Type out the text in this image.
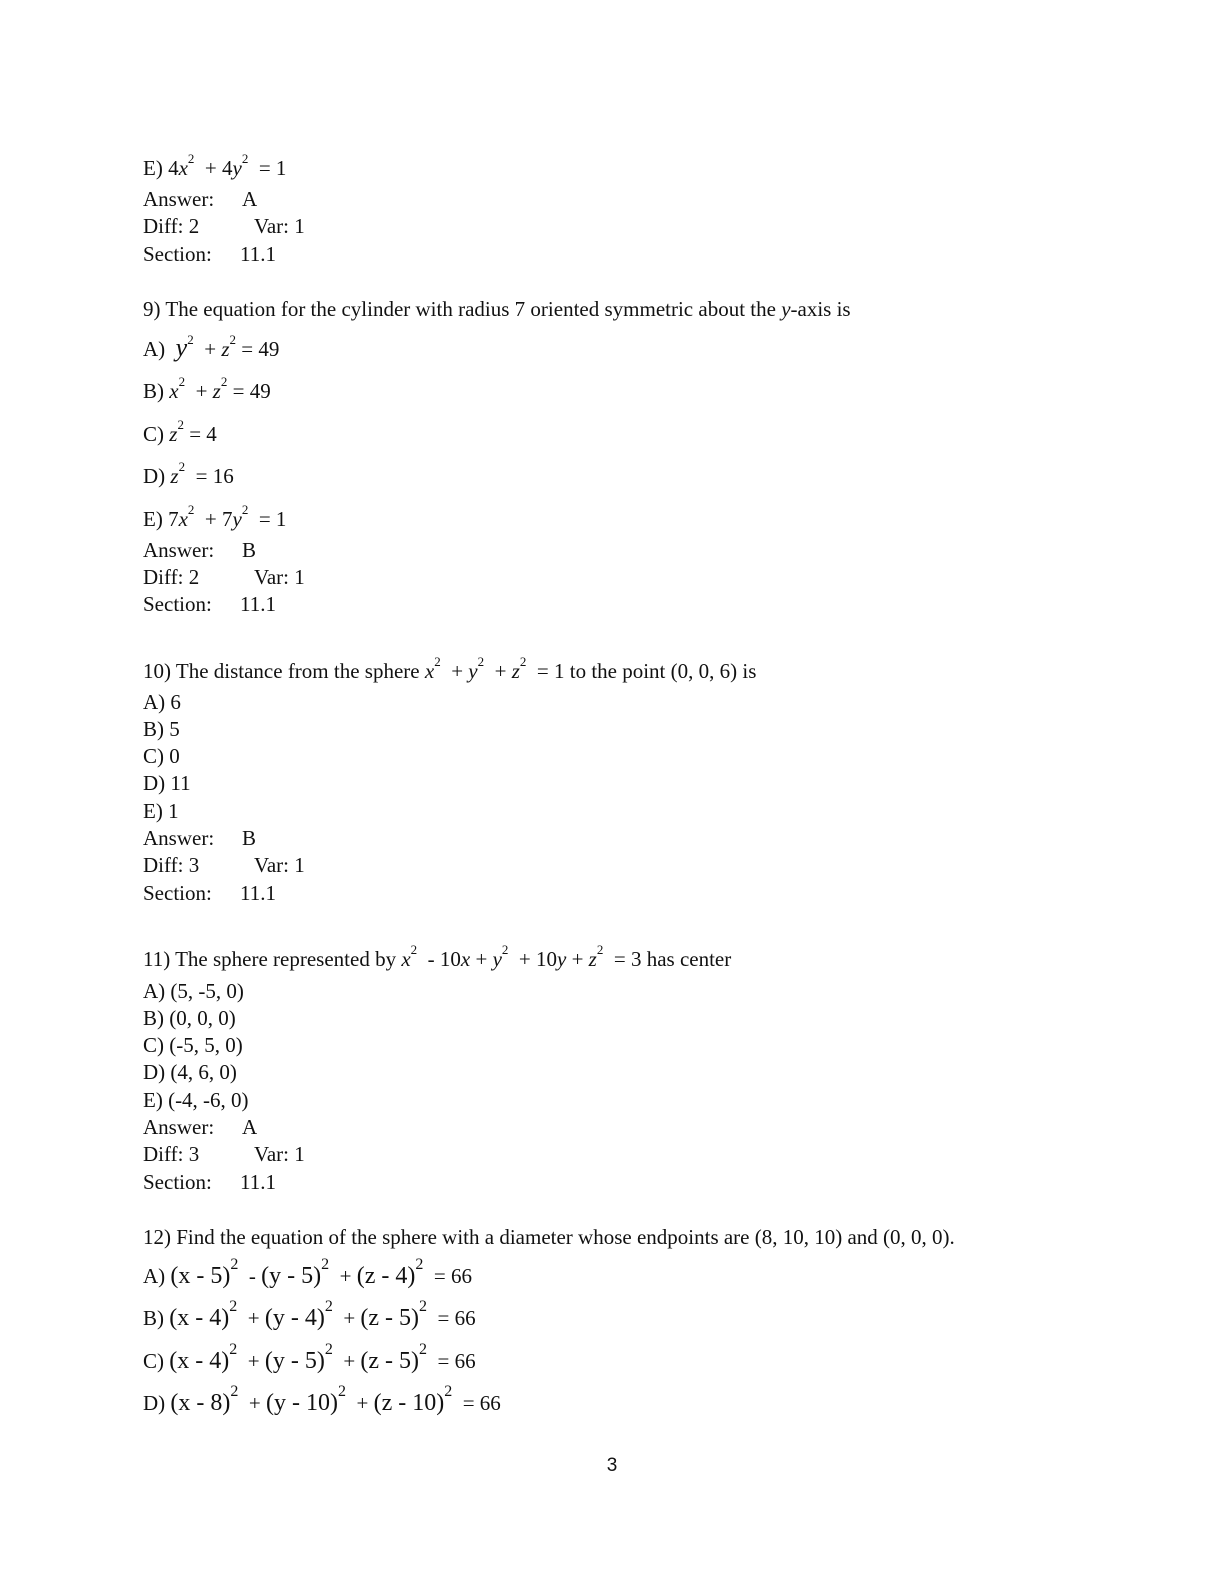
E) $4x^2 + 4y^2 = 1$
Answer: A
Diff: 2	Var: 1
Section: 11.1
9) The equation for the cylinder with radius 7 oriented symmetric about the y-axis is
A) $y^2 + z^2 = 49$
B) $x^2 + z^2 = 49$
C) $z^2 = 4$
D) $z^2 = 16$
E) $7x^2 + 7y^2 = 1$
Answer: B
Diff: 2	Var: 1
Section: 11.1
10) The distance from the sphere $x^2 + y^2 + z^2 = 1$ to the point (0, 0, 6) is
A) 6
B) 5
C) 0
D) 11
E) 1
Answer: B
Diff: 3	Var: 1
Section: 11.1
11) The sphere represented by $x^2 - 10x + y^2 + 10y + z^2 = 3$ has center
A) (5, -5, 0)
B) (0, 0, 0)
C) (-5, 5, 0)
D) (4, 6, 0)
E) (-4, -6, 0)
Answer: A
Diff: 3	Var: 1
Section: 11.1
12) Find the equation of the sphere with a diameter whose endpoints are (8, 10, 10) and (0, 0, 0).
A) (x - 5)$^2$ - (y - 5)$^2$ + (z - 4)$^2$ = 66
B) (x - 4)$^2$ + (y - 4)$^2$ + (z - 5)$^2$ = 66
C) (x - 4)$^2$ + (y - 5)$^2$ + (z - 5)$^2$ = 66
D) (x - 8)$^2$ + (y - 10)$^2$ + (z - 10)$^2$ = 66
3
